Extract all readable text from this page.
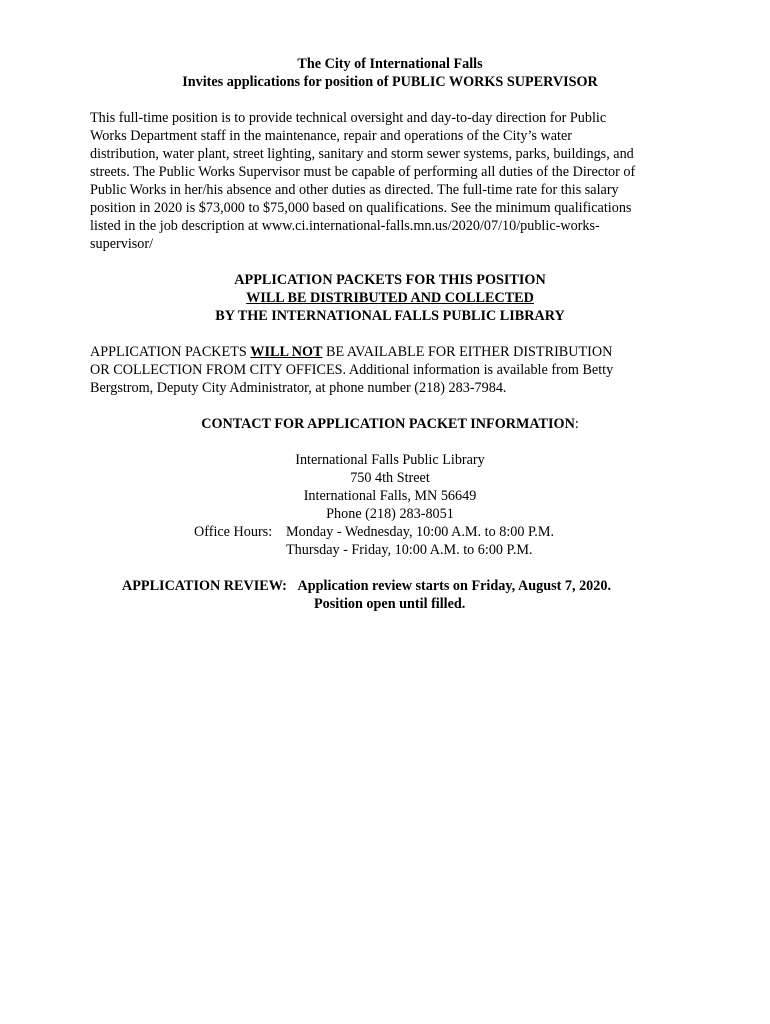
The City of International Falls
Invites applications for position of PUBLIC WORKS SUPERVISOR

This full-time position is to provide technical oversight and day-to-day direction for Public
Works Department staff in the maintenance, repair and operations of the City’s water
distribution, water plant, street lighting, sanitary and storm sewer systems, parks, buildings, and
streets. The Public Works Supervisor must be capable of performing all duties of the Director of
Public Works in her/his absence and other duties as directed. The full-time rate for this salary
position in 2020 is $73,000 to $75,000 based on qualifications. See the minimum qualifications
listed in the job description at www.ci.international-falls.mn.us/2020/07/10/public-works-
supervisor/

APPLICATION PACKETS FOR THIS POSITION
WILL BE DISTRIBUTED AND COLLECTED
BY THE INTERNATIONAL FALLS PUBLIC LIBRARY

APPLICATION PACKETS WILL NOT BE AVAILABLE FOR EITHER DISTRIBUTION
OR COLLECTION FROM CITY OFFICES. Additional information is available from Betty
Bergstrom, Deputy City Administrator, at phone number (218) 283-7984.

CONTACT FOR APPLICATION PACKET INFORMATION:
International Falls Public Library
750 4th Street
International Falls, MN 56649
Phone (218) 283-8051
Office Hours: Monday - Wednesday, 10:00 A.M. to 8:00 P.M.
Thursday - Friday, 10:00 A.M. to 6:00 P.M.
APPLICATION REVIEW: Application review starts on Friday, August 7, 2020.
Position open until filled.
